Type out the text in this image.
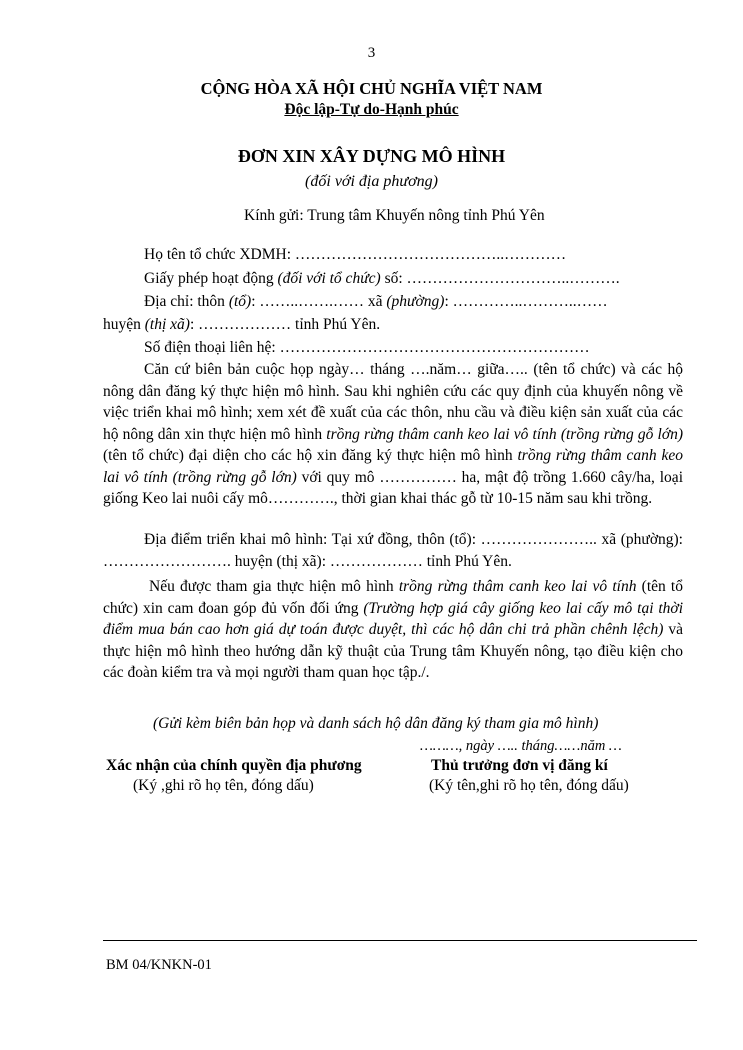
3
CỘNG HÒA XÃ HỘI CHỦ NGHĨA VIỆT NAM
Độc lập-Tự do-Hạnh phúc
ĐƠN XIN XÂY DỰNG MÔ HÌNH
(đối với địa phương)
Kính gửi: Trung tâm Khuyến nông tỉnh Phú Yên
Họ tên tổ chức XDMH: …………………………………..…………
Giấy phép hoạt động (đối với tổ chức) số: …………………………..……….
Địa chỉ: thôn (tổ): ……..…….…… xã (phường): …………..………..……
huyện (thị xã): ……………… tỉnh Phú Yên.
Số điện thoại liên hệ: ……………………………………………………
Căn cứ biên bản cuộc họp ngày… tháng ….năm… giữa….. (tên tổ chức) và các hộ nông dân đăng ký thực hiện mô hình. Sau khi nghiên cứu các quy định của khuyến nông về việc triển khai mô hình; xem xét đề xuất của các thôn, nhu cầu và điều kiện sản xuất của các hộ nông dân xin thực hiện mô hình trồng rừng thâm canh keo lai vô tính (trồng rừng gỗ lớn) (tên tổ chức) đại diện cho các hộ xin đăng ký thực hiện mô hình trồng rừng thâm canh keo lai vô tính (trồng rừng gỗ lớn) với quy mô …………… ha, mật độ trồng 1.660 cây/ha, loại giống Keo lai nuôi cấy mô…………., thời gian khai thác gỗ từ 10-15 năm sau khi trồng.
Địa điểm triển khai mô hình: Tại xứ đồng, thôn (tổ): ………………….. xã (phường): ……………………. huyện (thị xã): ……………… tỉnh Phú Yên.
Nếu được tham gia thực hiện mô hình trồng rừng thâm canh keo lai vô tính (tên tổ chức) xin cam đoan góp đủ vốn đối ứng (Trường hợp giá cây giống keo lai cấy mô tại thời điểm mua bán cao hơn giá dự toán được duyệt, thì các hộ dân chi trả phần chênh lệch) và thực hiện mô hình theo hướng dẫn kỹ thuật của Trung tâm Khuyến nông, tạo điều kiện cho các đoàn kiểm tra và mọi người tham quan học tập./.
(Gửi kèm biên bản họp và danh sách hộ dân đăng ký tham gia mô hình)
………, ngày ….. tháng……năm …
Xác nhận của chính quyền địa phương
(Ký ,ghi rõ họ tên, đóng dấu)
Thủ trưởng đơn vị đăng kí
(Ký tên,ghi rõ họ tên, đóng dấu)
BM 04/KNKN-01
